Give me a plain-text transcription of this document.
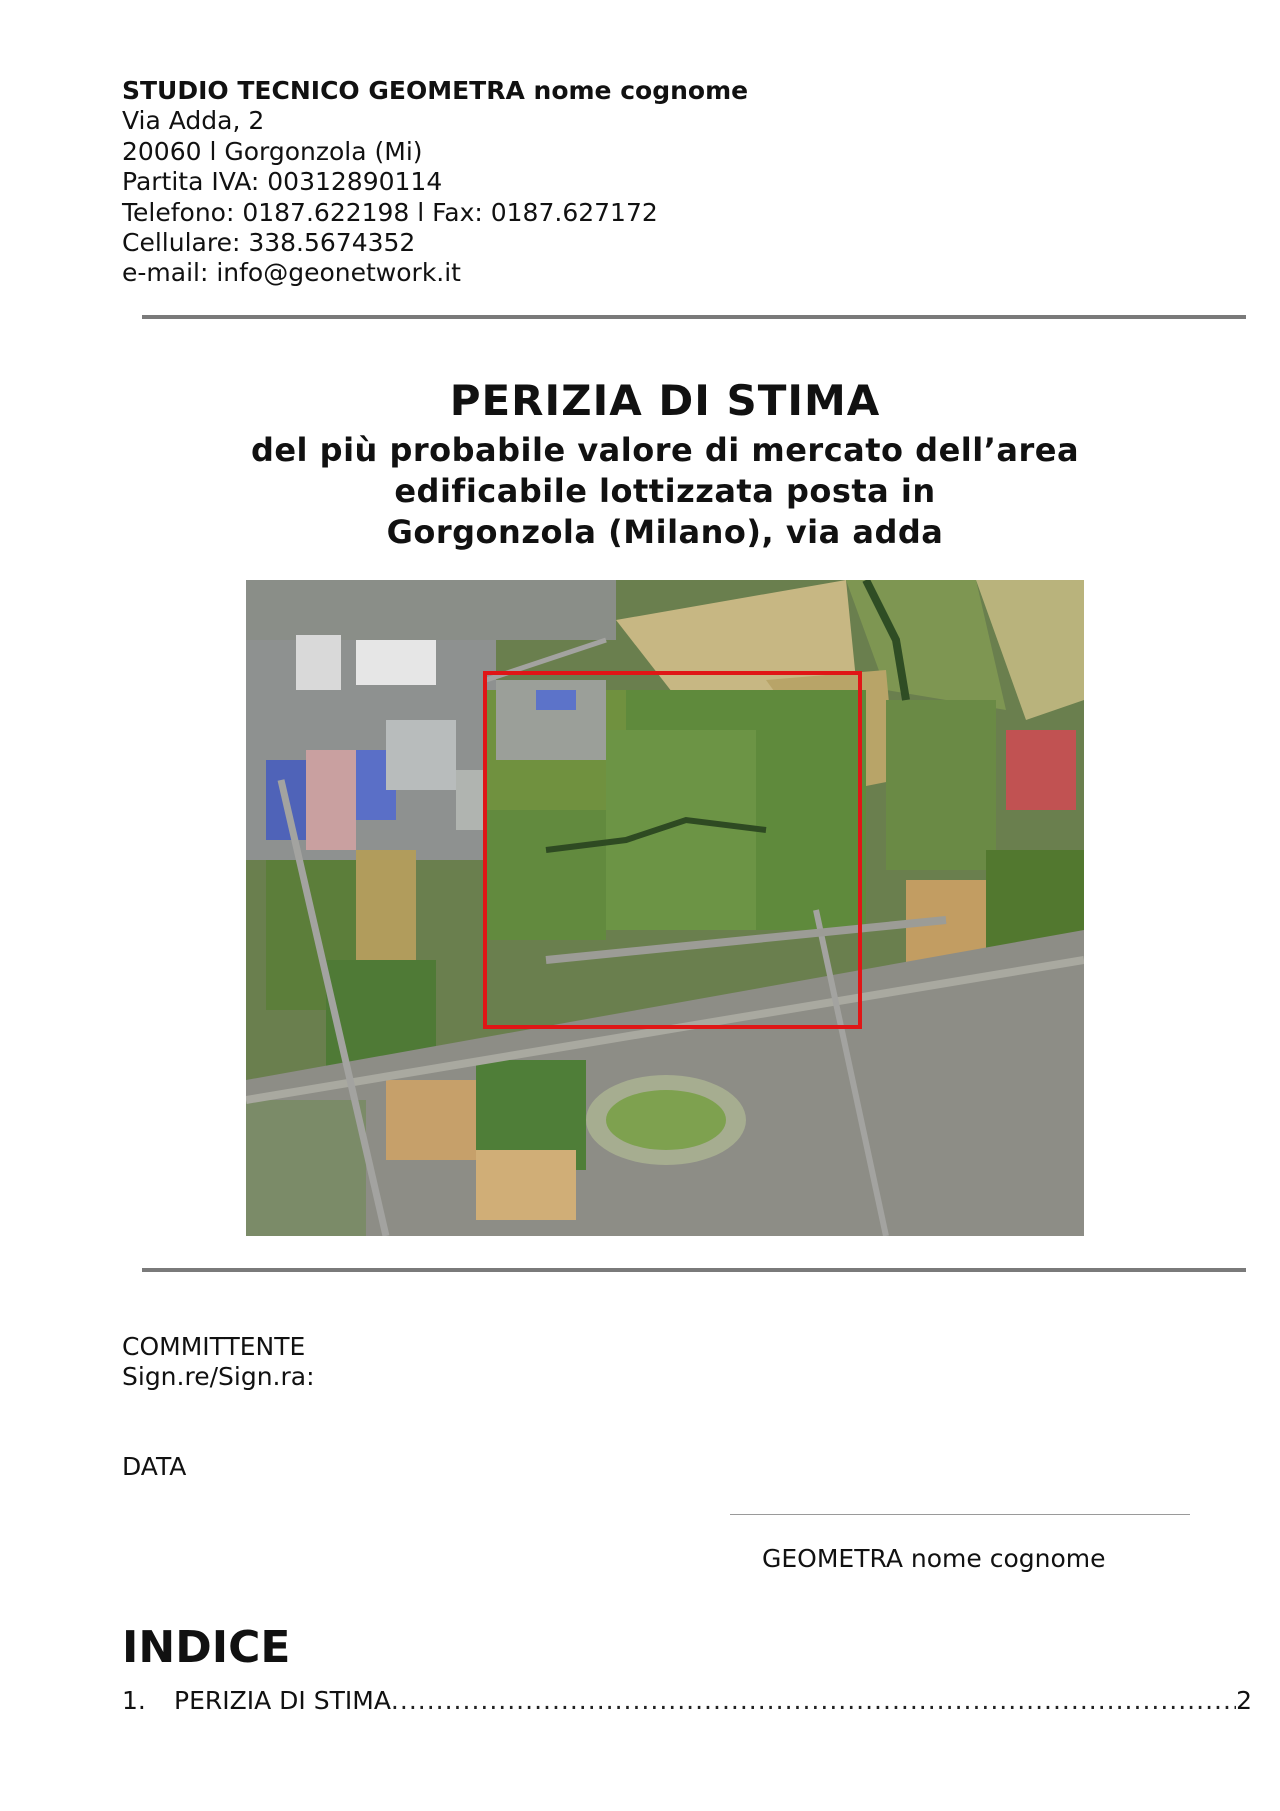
STUDIO TECNICO GEOMETRA nome cognome
Via Adda, 2
20060 l Gorgonzola (Mi)
Partita IVA: 00312890114
Telefono: 0187.622198 l Fax: 0187.627172
Cellulare: 338.5674352
e-mail: info@geonetwork.it
PERIZIA DI STIMA
del più probabile valore di mercato dell’area
edificabile lottizzata posta in
Gorgonzola (Milano), via adda
COMMITTENTE
Sign.re/Sign.ra:
DATA
GEOMETRA nome cognome
INDICE
1.	PERIZIA DI STIMA
.....	2
